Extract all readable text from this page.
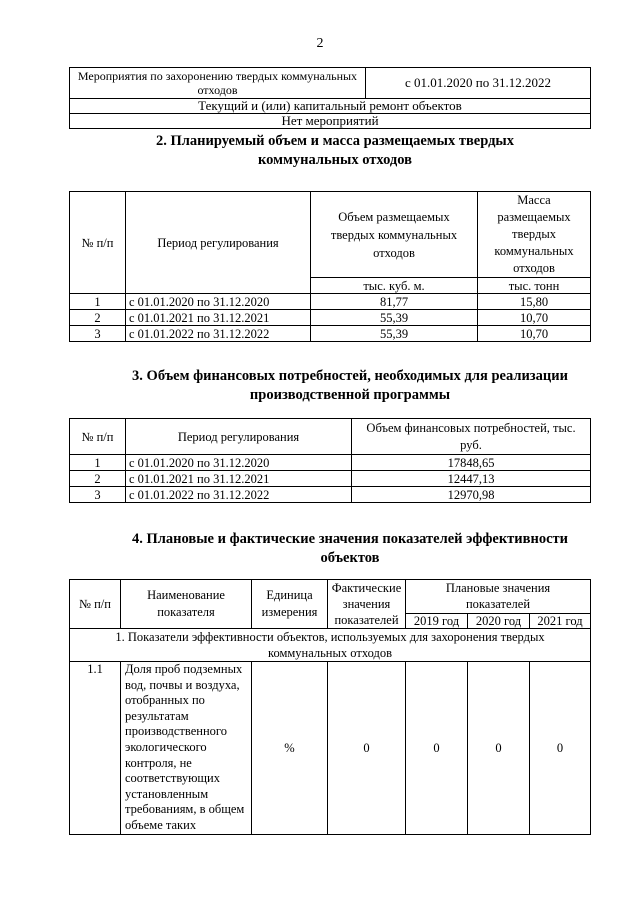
2
Мероприятия по захоронению твердых коммунальных отходов	с 01.01.2020 по 31.12.2022
Текущий и (или) капитальный ремонт объектов
Нет мероприятий
2. Планируемый объем и масса размещаемых твердых коммунальных отходов
№ п/п	Период регулирования	Объем размещаемых твердых коммунальных отходов	Масса размещаемых твердых коммунальных отходов
		тыс. куб. м.	тыс. тонн
1	с 01.01.2020 по 31.12.2020	81,77	15,80
2	с 01.01.2021 по 31.12.2021	55,39	10,70
3	с 01.01.2022 по 31.12.2022	55,39	10,70
3. Объем финансовых потребностей, необходимых для реализации производственной программы
№ п/п	Период регулирования	Объем финансовых потребностей, тыс. руб.
1	с 01.01.2020 по 31.12.2020	17848,65
2	с 01.01.2021 по 31.12.2021	12447,13
3	с 01.01.2022 по 31.12.2022	12970,98
4. Плановые и фактические значения показателей эффективности объектов
№ п/п	Наименование показателя	Единица измерения	Фактические значения показателей	Плановые значения показателей		
				2019 год	2020 год	2021 год
1. Показатели эффективности объектов, используемых для захоронения твердых коммунальных отходов						
1.1	Доля проб подземных вод, почвы и воздуха, отобранных по результатам производственного экологического контроля, не соответствующих установленным требованиям, в общем объеме таких	%	0	0	0	0
